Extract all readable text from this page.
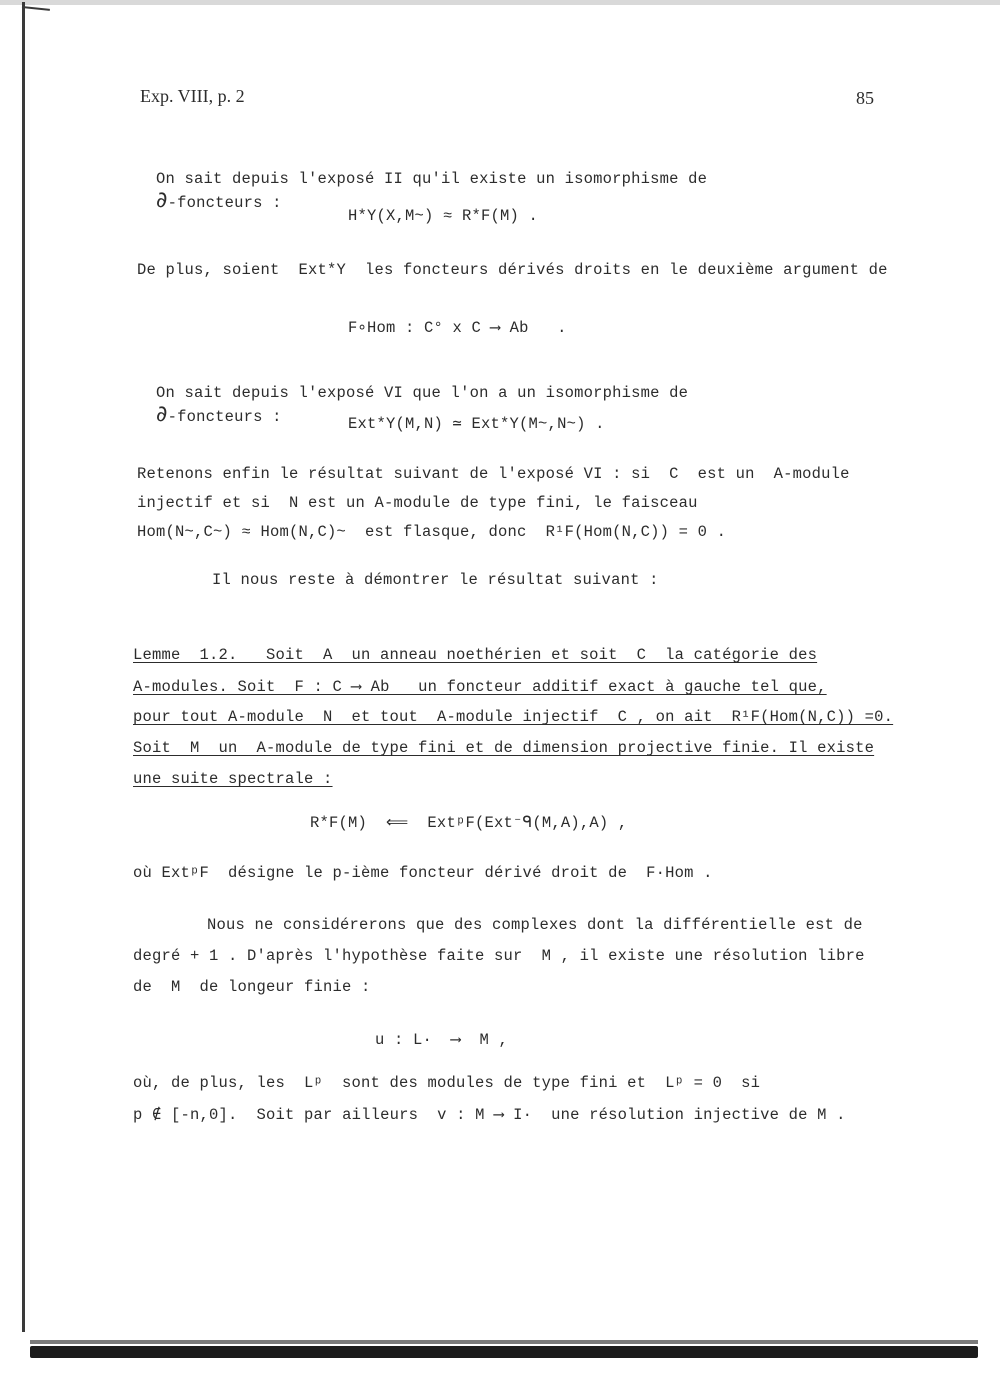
Exp. VIII, p. 2	85

On sait depuis l'exposé II qu'il existe un isomorphisme de
∂-foncteurs :

H*Y(X,M~) ≈ R*F(M) .
De plus, soient  Ext*Y  les foncteurs dérivés droits en le deuxième argument de
F∘Hom : C° x C ⟶ Ab   .

On sait depuis l'exposé VI que l'on a un isomorphisme de
∂-foncteurs :	Ext*Y(M,N) ≃ Ext*Y(M~,N~) .
Retenons enfin le résultat suivant de l'exposé VI : si  C  est un  A-module
injectif et si  N est un A-module de type fini, le faisceau
Hom(N~,C~) ≈ Hom(N,C)~  est flasque, donc  R¹F(Hom(N,C)) = 0 .
Il nous reste à démontrer le résultat suivant :
Lemme  1.2.   Soit  A  un anneau noethérien et soit  C  la catégorie des
A-modules. Soit  F : C ⟶ Ab   un foncteur additif exact à gauche tel que,
pour tout A-module  N  et tout  A-module injectif  C , on ait  R¹F(Hom(N,C)) =0.
Soit  M  un  A-module de type fini et de dimension projective finie. Il existe
une suite spectrale :
R*F(M)  ⟸  ExtᵖF(Ext⁻ᑫ(M,A),A) ,
où ExtᵖF  désigne le p-ième foncteur dérivé droit de  F·Hom .
Nous ne considérerons que des complexes dont la différentielle est de
degré + 1 . D'après l'hypothèse faite sur  M , il existe une résolution libre
de  M  de longeur finie :
u : L·  ⟶  M ,
où, de plus, les  Lᵖ  sont des modules de type fini et  Lᵖ = 0  si
p ∉ [-n,0].  Soit par ailleurs  v : M ⟶ I·  une résolution injective de M .
